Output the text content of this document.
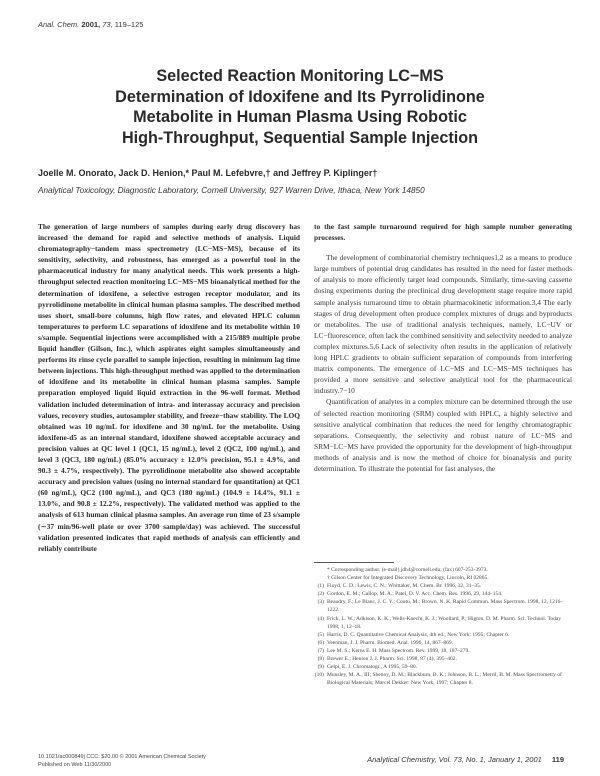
Anal. Chem. 2001, 73, 119–125
Selected Reaction Monitoring LC−MS
Determination of Idoxifene and Its Pyrrolidinone
Metabolite in Human Plasma Using Robotic
High-Throughput, Sequential Sample Injection
Joelle M. Onorato, Jack D. Henion,* Paul M. Lefebvre,† and Jeffrey P. Kiplinger†
Analytical Toxicology, Diagnostic Laboratory, Cornell University, 927 Warren Drive, Ithaca, New York 14850

The generation of large numbers of samples during early drug discovery has increased the demand for rapid and selective methods of analysis. Liquid chromatography−tandem mass spectrometry (LC−MS−MS), because of its sensitivity, selectivity, and robustness, has emerged as a powerful tool in the pharmaceutical industry for many analytical needs. This work presents a high-throughput selected reaction monitoring LC−MS−MS bioanalytical method for the determination of idoxifene, a selective estrogen receptor modulator, and its pyrrolidinone metabolite in clinical human plasma samples. The described method uses short, small-bore columns, high flow rates, and elevated HPLC column temperatures to perform LC separations of idoxifene and its metabolite within 10 s/sample. Sequential injections were accomplished with a 215/889 multiple probe liquid handler (Gilson, Inc.), which aspirates eight samples simultaneously and performs its rinse cycle parallel to sample injection, resulting in minimum lag time between injections. This high-throughput method was applied to the determination of idoxifene and its metabolite in clinical human plasma samples. Sample preparation employed liquid liquid extraction in the 96-well format. Method validation included determination of intra- and interassay accuracy and precision values, recovery studies, autosampler stability, and freeze−thaw stability. The LOQ obtained was 10 ng/mL for idoxifene and 30 ng/mL for the metabolite. Using idoxifene-d5 as an internal standard, idoxifene showed acceptable accuracy and precision values at QC level 1 (QC1, 15 ng/mL), level 2 (QC2, 100 ng/mL), and level 3 (QC3, 180 ng/mL) (85.0% accuracy ± 12.0% precision, 95.1 ± 4.9%, and 90.3 ± 4.7%, respectively). The pyrrolidinone metabolite also showed acceptable accuracy and precision values (using no internal standard for quantitation) at QC1 (60 ng/mL), QC2 (100 ng/mL), and QC3 (180 ng/mL) (104.9 ± 14.4%, 91.1 ± 13.0%, and 90.8 ± 12.2%, respectively). The validated method was applied to the analysis of 613 human clinical plasma samples. An average run time of 23 s/sample (∼37 min/96-well plate or over 3700 sample/day) was achieved. The successful validation presented indicates that rapid methods of analysis can efficiently and reliably contribute

to the fast sample turnaround required for high sample number generating processes.

The development of combinatorial chemistry techniques1,2 as a means to produce large numbers of potential drug candidates has resulted in the need for faster methods of analysis to more efficiently target lead compounds. Similarly, time-saving cassette dosing experiments during the preclinical drug development stage require more rapid sample analysis turnaround time to obtain pharmacokinetic information.3,4 The early stages of drug development often produce complex mixtures of drugs and byproducts or metabolites. The use of traditional analysis techniques, namely, LC−UV or LC−fluorescence, often lack the combined sensitivity and selectivity needed to analyze complex mixtures.5,6 Lack of selectivity often results in the application of relatively long HPLC gradients to obtain sufficient separation of compounds from interfering matrix components. The emergence of LC−MS and LC−MS−MS techniques has provided a more sensitive and selective analytical tool for the pharmaceutical industry.7−10

Quantification of analytes in a complex mixture can be determined through the use of selected reaction monitoring (SRM) coupled with HPLC, a highly selective and sensitive analytical combination that reduces the need for lengthy chromatographic separations. Consequently, the selectivity and robust nature of LC−MS and SRM−LC−MS have provided the opportunity for the development of high-throughput methods of analysis and is now the method of choice for bioanalysis and purity determination. To illustrate the potential for fast analyses, the

* Corresponding author. (e-mail) jdh4@cornell.edu; (fax) 607-253-3973.
† Gilson Center for Integrated Discovery Technology, Lincoln, RI 02865.
(1) Floyd, C. D.; Lewis, C. N.; Whittaker, M. Chem. Br. 1996, 32, 31–35.
(2) Gordon, E. M.; Gallop, M. A.; Patel, D. V. Acc. Chem. Res. 1996, 29, 144–154.
(3) Beaudry, F.; Le Blanc, J. C. Y.; Coutu, M.; Brown, N. K. Rapid Commun. Mass Spectrom. 1998, 12, 1216–1222.
(4) Frick, L. W.; Adkison, K. K.; Wells-Knecht, K. J.; Woollard, P.; Higton, D. M. Pharm. Sci. Technol. Today 1998, 1, 12–18.
(5) Harris, D. C. Quantitative Chemical Analysis, 4th ed.; New York: 1995; Chapter 6.
(6) Veenman, J. J. Pharm. Biomed. Anal. 1996, 14, 867–869.
(7) Lee M. S.; Kerns E. H. Mass Spectrom. Rev. 1999, 18, 187–279.
(8) Brewer E.; Henion J. J. Pharm. Sci. 1998, 87 (4), 395–402.
(9) Gelpí, E. J. Chromatogr., A 1995, 59–80.
(10) Munsley, M. A., III; Shenoy, D. M.; Blackburn, B. K.; Johnson, B. L.; Merril, B. M. Mass Spectrometry of Biological Materials; Marcel Dekker: New York, 1997; Chapter 8.
10.1021/ac000849j CCC: $20.00 © 2001 American Chemical Society
Published on Web 11/30/2000
Analytical Chemistry, Vol. 73, No. 1, January 1, 2001 119
